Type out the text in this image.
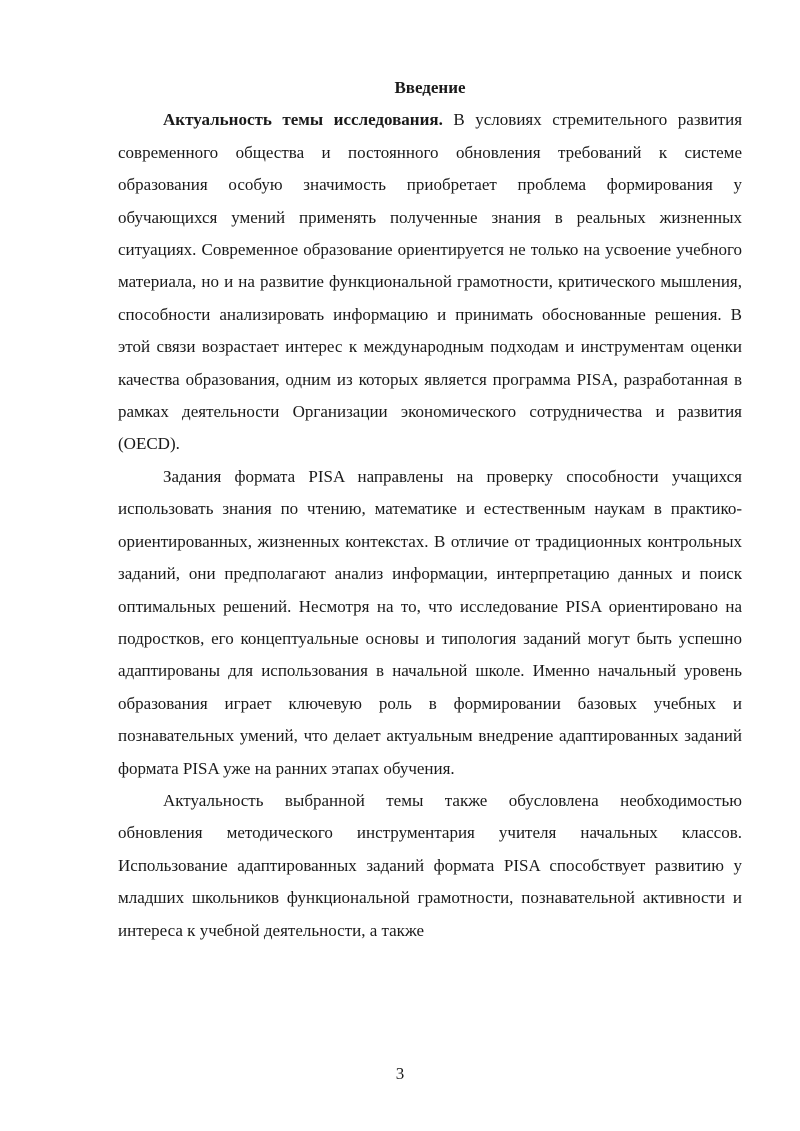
Введение

Актуальность темы исследования. В условиях стремительного развития современного общества и постоянного обновления требований к системе образования особую значимость приобретает проблема формирования у обучающихся умений применять полученные знания в реальных жизненных ситуациях. Современное образование ориентируется не только на усвоение учебного материала, но и на развитие функциональной грамотности, критического мышления, способности анализировать информацию и принимать обоснованные решения. В этой связи возрастает интерес к международным подходам и инструментам оценки качества образования, одним из которых является программа PISA, разработанная в рамках деятельности Организации экономического сотрудничества и развития (OECD).

Задания формата PISA направлены на проверку способности учащихся использовать знания по чтению, математике и естественным наукам в практико-ориентированных, жизненных контекстах. В отличие от традиционных контрольных заданий, они предполагают анализ информации, интерпретацию данных и поиск оптимальных решений. Несмотря на то, что исследование PISA ориентировано на подростков, его концептуальные основы и типология заданий могут быть успешно адаптированы для использования в начальной школе. Именно начальный уровень образования играет ключевую роль в формировании базовых учебных и познавательных умений, что делает актуальным внедрение адаптированных заданий формата PISA уже на ранних этапах обучения.

Актуальность выбранной темы также обусловлена необходимостью обновления методического инструментария учителя начальных классов. Использование адаптированных заданий формата PISA способствует развитию у младших школьников функциональной грамотности, познавательной активности и интереса к учебной деятельности, а также

3
